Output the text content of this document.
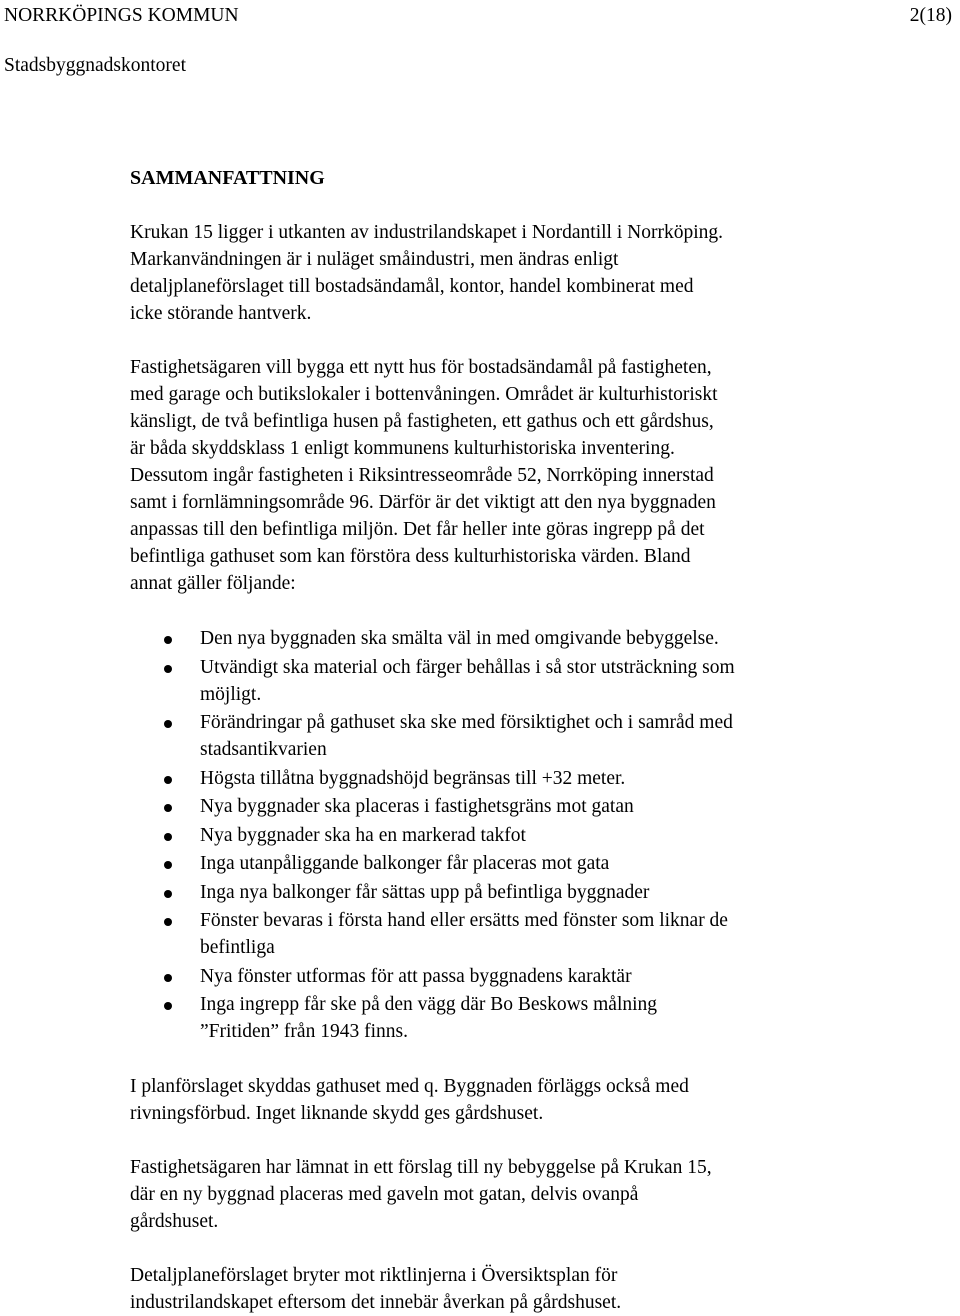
NORRKÖPINGS KOMMUN
Stadsbyggnadskontoret
2(18)
SAMMANFATTNING
Krukan 15 ligger i utkanten av industrilandskapet i Nordantill i Norrköping.
Markanvändningen är i nuläget småindustri, men ändras enligt
detaljplaneförslaget till bostadsändamål, kontor, handel kombinerat med
icke störande hantverk.
Fastighetsägaren vill bygga ett nytt hus för bostadsändamål på fastigheten,
med garage och butikslokaler i bottenvåningen. Området är kulturhistoriskt
känsligt, de två befintliga husen på fastigheten, ett gathus och ett gårdshus,
är båda skyddsklass 1 enligt kommunens kulturhistoriska inventering.
Dessutom ingår fastigheten i Riksintresseområde 52, Norrköping innerstad
samt i fornlämningsområde 96. Därför är det viktigt att den nya byggnaden
anpassas till den befintliga miljön. Det får heller inte göras ingrepp på det
befintliga gathuset som kan förstöra dess kulturhistoriska värden. Bland
annat gäller följande:
Den nya byggnaden ska smälta väl in med omgivande bebyggelse.
Utvändigt ska material och färger behållas i så stor utsträckning som
möjligt.
Förändringar på gathuset ska ske med försiktighet och i samråd med
stadsantikvarien
Högsta tillåtna byggnadshöjd begränsas till +32 meter.
Nya byggnader ska placeras i fastighetsgräns mot gatan
Nya byggnader ska ha en markerad takfot
Inga utanpåliggande balkonger får placeras mot gata
Inga nya balkonger får sättas upp på befintliga byggnader
Fönster bevaras i första hand eller ersätts med fönster som liknar de
befintliga
Nya fönster utformas för att passa byggnadens karaktär
Inga ingrepp får ske på den vägg där Bo Beskows målning
”Fritiden” från 1943 finns.
I planförslaget skyddas gathuset med q. Byggnaden förläggs också med
rivningsförbud. Inget liknande skydd ges gårdshuset.
Fastighetsägaren har lämnat in ett förslag till ny bebyggelse på Krukan 15,
där en ny byggnad placeras med gaveln mot gatan, delvis ovanpå
gårdshuset.
Detaljplaneförslaget bryter mot riktlinjerna i Översiktsplan för
industrilandskapet eftersom det innebär åverkan på gårdshuset.
